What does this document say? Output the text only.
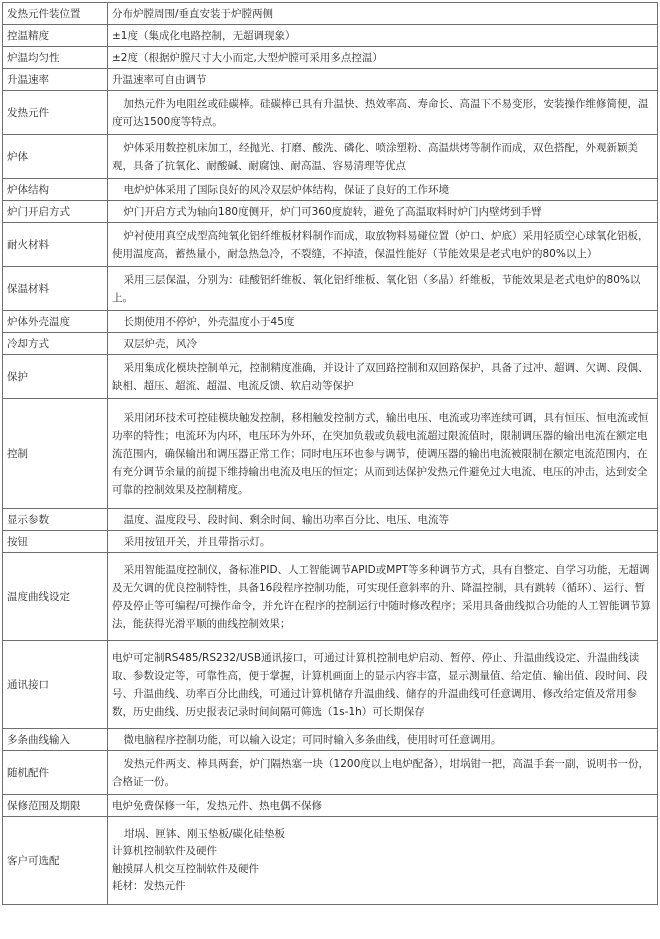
发热元件装位置	分布炉膛周围/垂直安装于炉膛两侧
控温精度	±1度（集成化电路控制，无超调现象）
炉温均匀性	±2度（根据炉膛尺寸大小而定,大型炉膛可采用多点控温）
升温速率	升温速率可自由调节
发热元件	加热元件为电阻丝或硅碳棒。硅碳棒已具有升温快、热效率高、寿命长、高温下不易变形，安装操作维修简便，温度可达1500度等特点。
炉体	炉体采用数控机床加工，经抛光、打磨、酸洗、磷化、喷涂塑粉、高温烘烤等制作而成，双色搭配，外观新颖美观，具备了抗氧化、耐酸碱、耐腐蚀、耐高温、容易清理等优点
炉体结构	电炉炉体采用了国际良好的风冷双层炉体结构，保证了良好的工作环境
炉门开启方式	炉门开启方式为轴向180度侧开，炉门可360度旋转，避免了高温取料时炉门内壁烤到手臂
耐火材料	炉衬使用真空成型高纯氧化铝纤维板材料制作而成，取放物料易碰位置（炉口、炉底）采用轻质空心球氧化铝板，使用温度高，蓄热量小，耐急热急冷，不裂缝，不掉渣，保温性能好（节能效果是老式电炉的80%以上）
保温材料	采用三层保温，分别为：硅酸铝纤维板、氧化铝纤维板、氧化铝（多晶）纤维板，节能效果是老式电炉的80%以上。
炉体外壳温度	长期使用不停炉，外壳温度小于45度
冷却方式	双层炉壳，风冷
保护	采用集成化模块控制单元，控制精度准确，并设计了双回路控制和双回路保护，具备了过冲、超调、欠调、段偶、缺相、超压、超流、超温、电流反馈、软启动等保护
控制	采用闭环技术可控硅模块触发控制，移相触发控制方式，输出电压、电流或功率连续可调，具有恒压、恒电流或恒功率的特性；电流环为内环，电压环为外环，在突加负载或负载电流超过限流值时，限制调压器的输出电流在额定电流范围内，确保输出和调压器正常工作；同时电压环也参与调节，使调压器的输出电流被限制在额定电流范围内，在有充分调节余量的前提下维持输出电流及电压的恒定；从而到达保护发热元件避免过大电流、电压的冲击，达到安全可靠的控制效果及控制精度。
显示参数	温度、温度段号、段时间、剩余时间、输出功率百分比、电压、电流等
按钮	采用按钮开关，并且带指示灯。
温度曲线设定	采用智能温度控制仪，备标准PID、人工智能调节APID或MPT等多种调节方式，具有自整定、自学习功能，无超调及无欠调的优良控制特性，具备16段程序控制功能，可实现任意斜率的升、降温控制，具有跳转（循环）、运行、暂停及停止等可编程/可操作命令，并允许在程序的控制运行中随时修改程序；采用具备曲线拟合功能的人工智能调节算法，能获得光滑平顺的曲线控制效果；
通讯接口	电炉可定制RS485/RS232/USB通讯接口，可通过计算机控制电炉启动、暂停、停止、升温曲线设定、升温曲线读取、参数设定等，可靠性高，便于掌握，计算机画面上的显示内容丰富，显示测量值、给定值、输出值、段时间、段号、升温曲线、功率百分比曲线，可通过计算机储存升温曲线、储存的升温曲线可任意调用、修改给定值及常用参数，历史曲线、历史报表记录时间间隔可筛选（1s-1h）可长期保存
多条曲线输入	微电脑程序控制功能，可以输入设定；可同时输入多条曲线，使用时可任意调用。
随机配件	发热元件两支、棒具两套，炉门隔热塞一块（1200度以上电炉配备），坩埚钳一把，高温手套一副，说明书一份，合格证一份。
保修范围及期限	电炉免费保修一年，发热元件、热电偶不保修
客户可选配	坩埚、匣钵、刚玉垫板/碳化硅垫板
计算机控制软件及硬件
触摸屏人机交互控制软件及硬件
耗材：发热元件
